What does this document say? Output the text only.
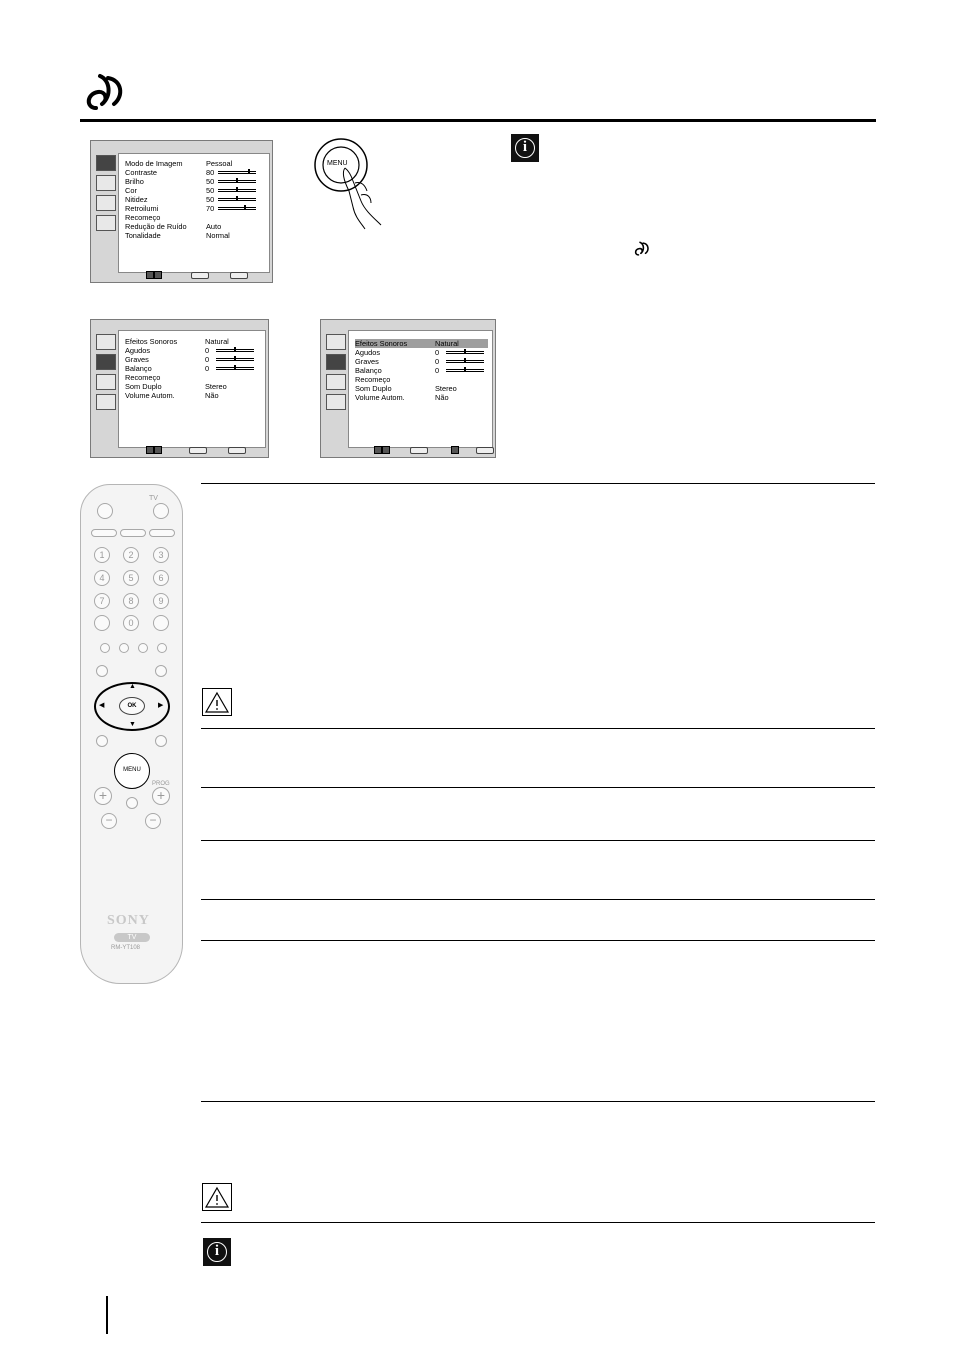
Modo de Imagem	Pessoal
Contraste	80
Brilho	50
Cor	50
Nitidez	50
Retroilumi	70
Recomeço
Redução de Ruído	Auto
Tonalidade	Normal
MENU
i
Efeitos Sonoros	Natural
Agudos	0
Graves	0
Balanço	0
Recomeço
Som Duplo	Stereo
Volume Autom.	Não
Efeitos Sonoros	Natural
Agudos	0
Graves	0
Balanço	0
Recomeço
Som Duplo	Stereo
Volume Autom.	Não
TV
1	2	3
4	5	6
7	8	9
0
OK
▲
▼
◀	▶
MENU
PROG
+	+
−	−
SONY
TV
RM-YT108
i
